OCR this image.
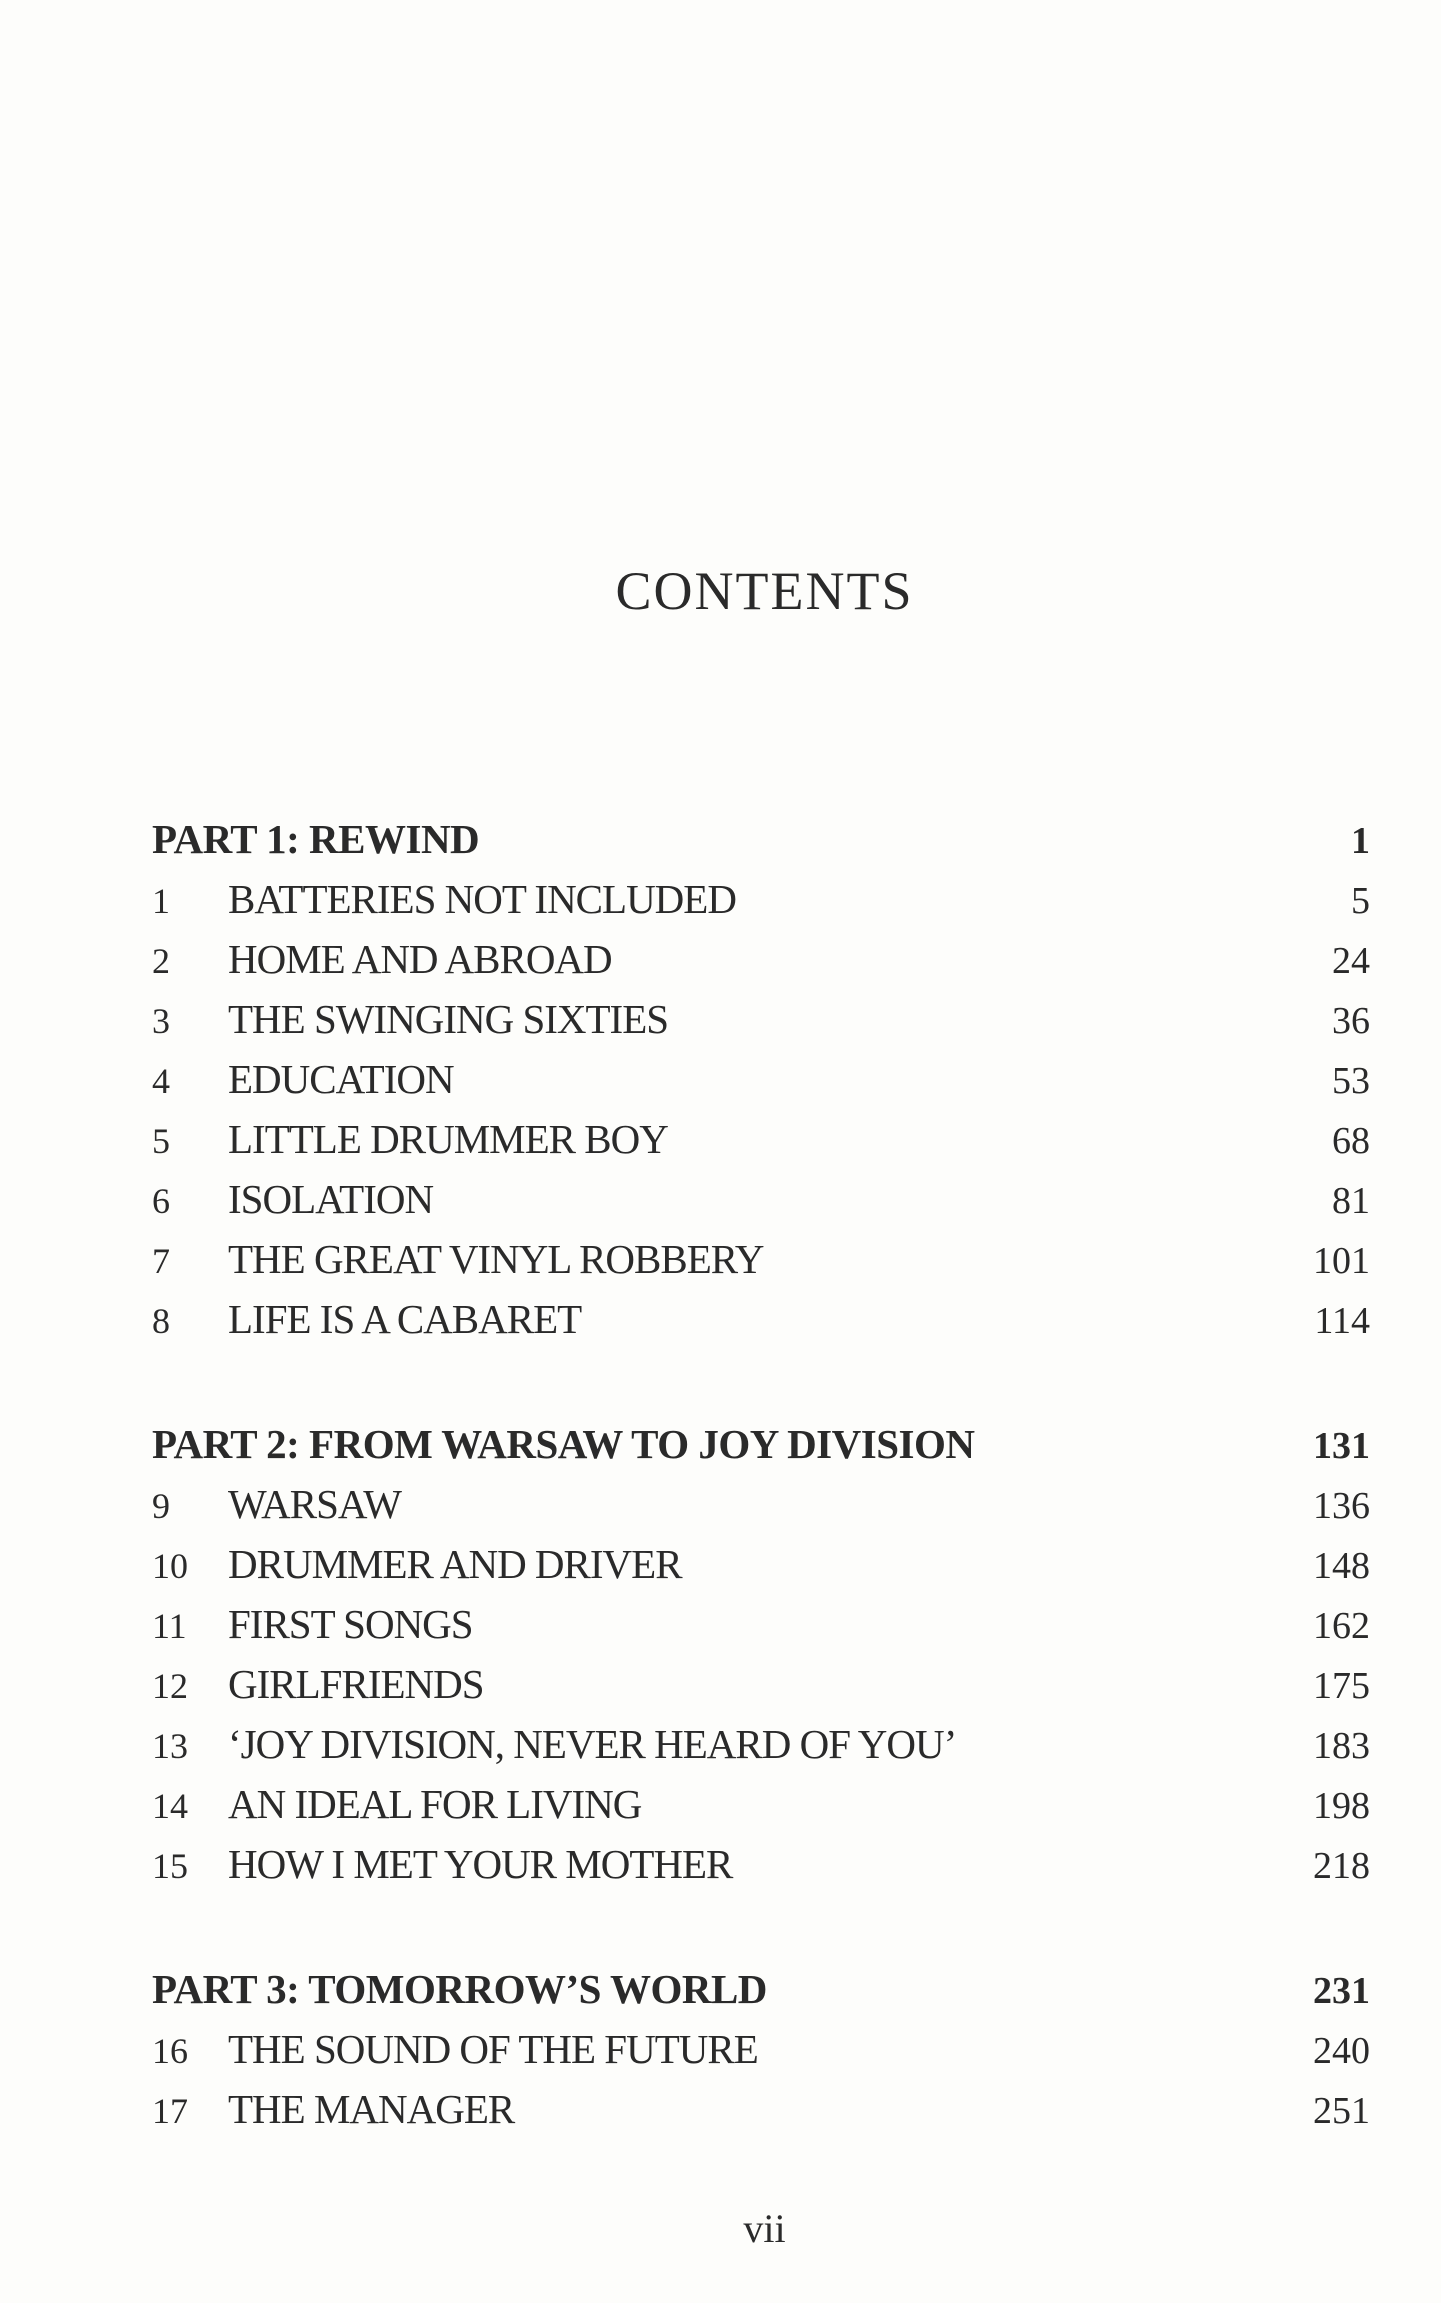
CONTENTS
PART 1: REWIND	1
1	BATTERIES NOT INCLUDED	5
2	HOME AND ABROAD	24
3	THE SWINGING SIXTIES	36
4	EDUCATION	53
5	LITTLE DRUMMER BOY	68
6	ISOLATION	81
7	THE GREAT VINYL ROBBERY	101
8	LIFE IS A CABARET	114
PART 2: FROM WARSAW TO JOY DIVISION	131
9	WARSAW	136
10 DRUMMER AND DRIVER	148
11	FIRST SONGS	162
12 GIRLFRIENDS	175
13 ‘JOY DIVISION, NEVER HEARD OF YOU’	183
14 AN IDEAL FOR LIVING	198
15 HOW I MET YOUR MOTHER	218
PART 3: TOMORROW’S WORLD	231
16 THE SOUND OF THE FUTURE	240
17 THE MANAGER	251
vii
